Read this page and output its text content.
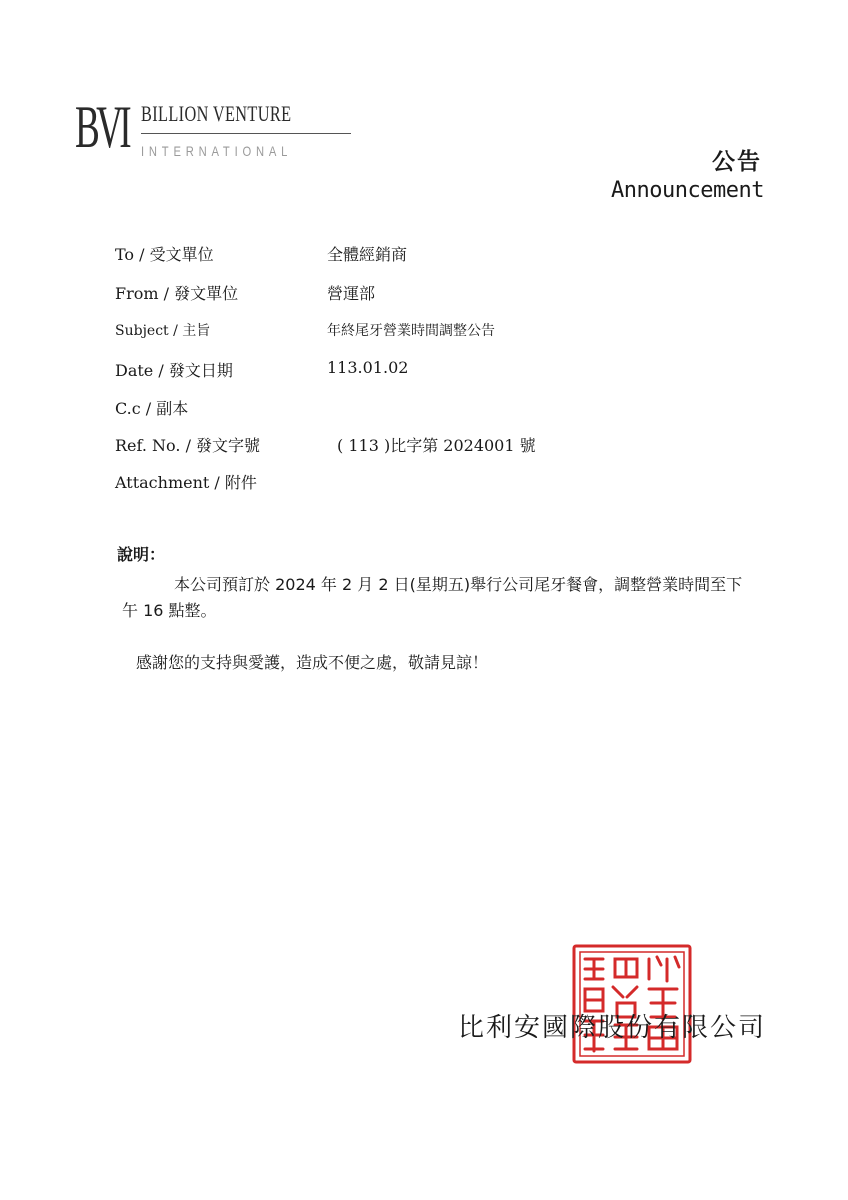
BVI BILLION VENTURE
INTERNATIONAL	公告
Announcement
To / 受文單位	全體經銷商
From / 發文單位	營運部
Subject / 主旨	年終尾牙營業時間調整公告
Date / 發文日期	113.01.02
C.c / 副本
Ref. No. / 發文字號	( 113 )比字第 2024001 號
Attachment / 附件
說明：
本公司預訂於 2024 年 2 月 2 日(星期五)舉行公司尾牙餐會，調整營業時間至下午 16 點整。
感謝您的支持與愛護，造成不便之處，敬請見諒！
比利安國際股份有限公司
